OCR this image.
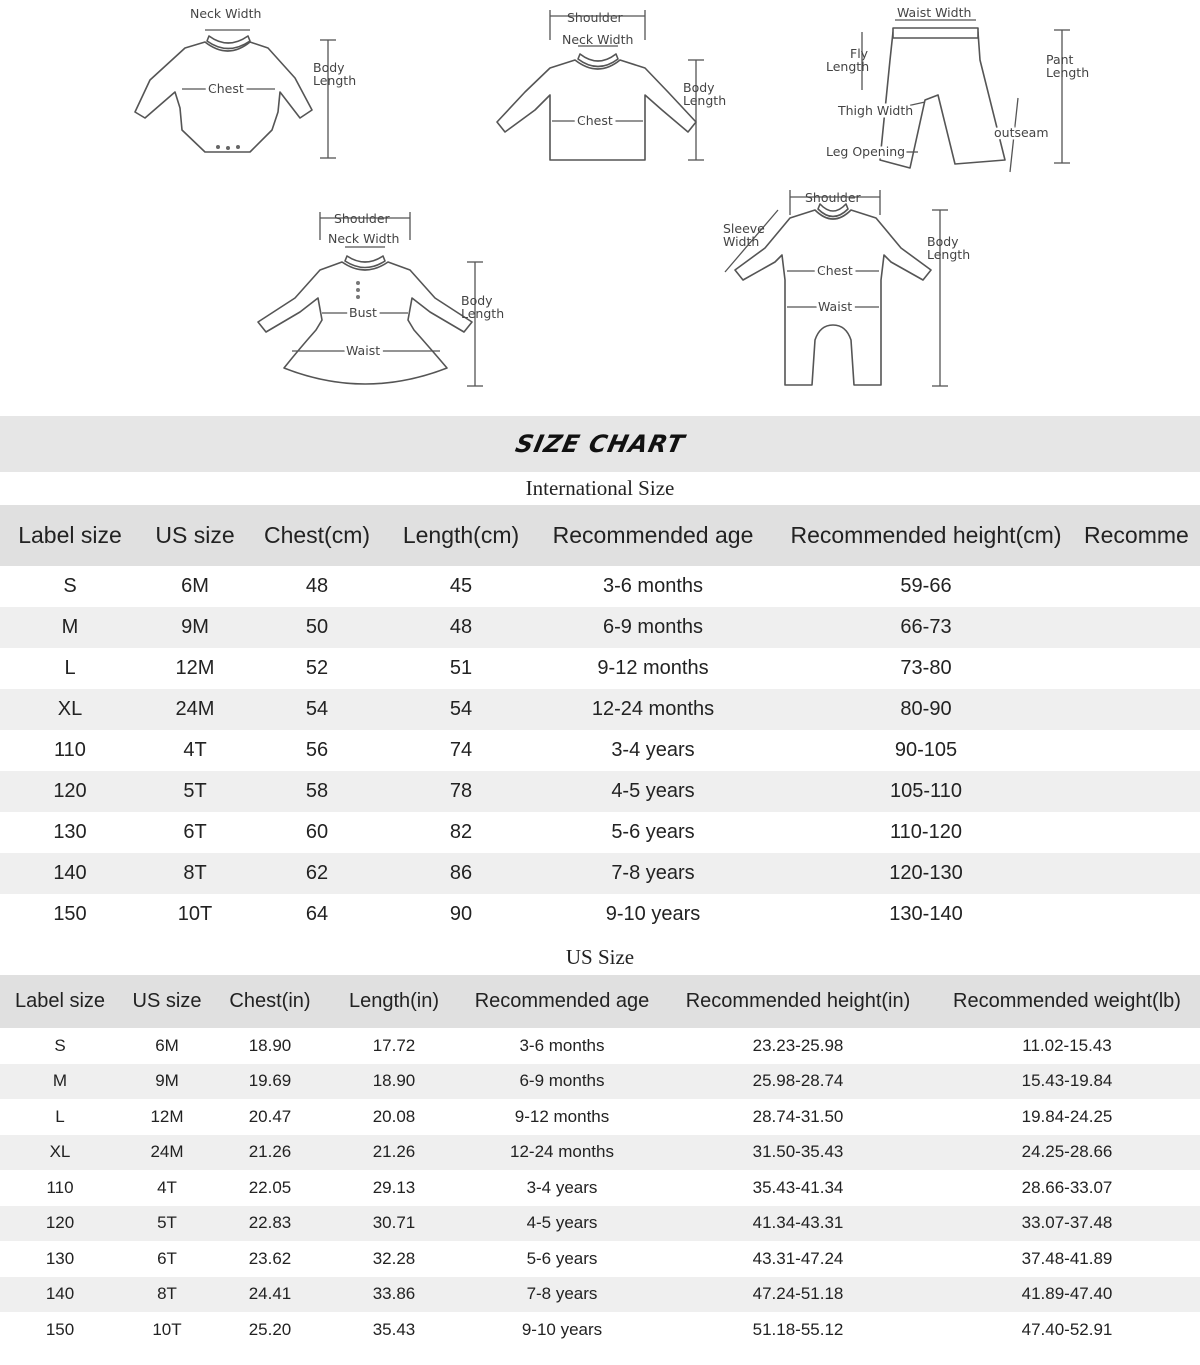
Neck Width
Chest
Body
Length
Shoulder
Neck Width
Chest
Body
Length
Waist Width
Fly
Length	Pant
Length
Thigh Width
outseam
Leg Opening
Shoulder
Neck Width
Bust
Waist
Body
Length
Shoulder
Sleeve
Width
Chest
Waist
Body
Length
SIZE CHART
International Size
Label size	US size	Chest(cm)	Length(cm)	Recommended age	Recommended height(cm)	Recomme
S	6M	48	45	3-6 months	59-66	
M	9M	50	48	6-9 months	66-73	
L	12M	52	51	9-12 months	73-80	
XL	24M	54	54	12-24 months	80-90	
110	4T	56	74	3-4 years	90-105	
120	5T	58	78	4-5 years	105-110	
130	6T	60	82	5-6 years	110-120	
140	8T	62	86	7-8 years	120-130	
150	10T	64	90	9-10 years	130-140	
US Size
Label size	US size	Chest(in)	Length(in)	Recommended age	Recommended height(in)	Recommended weight(lb)
S	6M	18.90	17.72	3-6 months	23.23-25.98	11.02-15.43
M	9M	19.69	18.90	6-9 months	25.98-28.74	15.43-19.84
L	12M	20.47	20.08	9-12 months	28.74-31.50	19.84-24.25
XL	24M	21.26	21.26	12-24 months	31.50-35.43	24.25-28.66
110	4T	22.05	29.13	3-4 years	35.43-41.34	28.66-33.07
120	5T	22.83	30.71	4-5 years	41.34-43.31	33.07-37.48
130	6T	23.62	32.28	5-6 years	43.31-47.24	37.48-41.89
140	8T	24.41	33.86	7-8 years	47.24-51.18	41.89-47.40
150	10T	25.20	35.43	9-10 years	51.18-55.12	47.40-52.91
